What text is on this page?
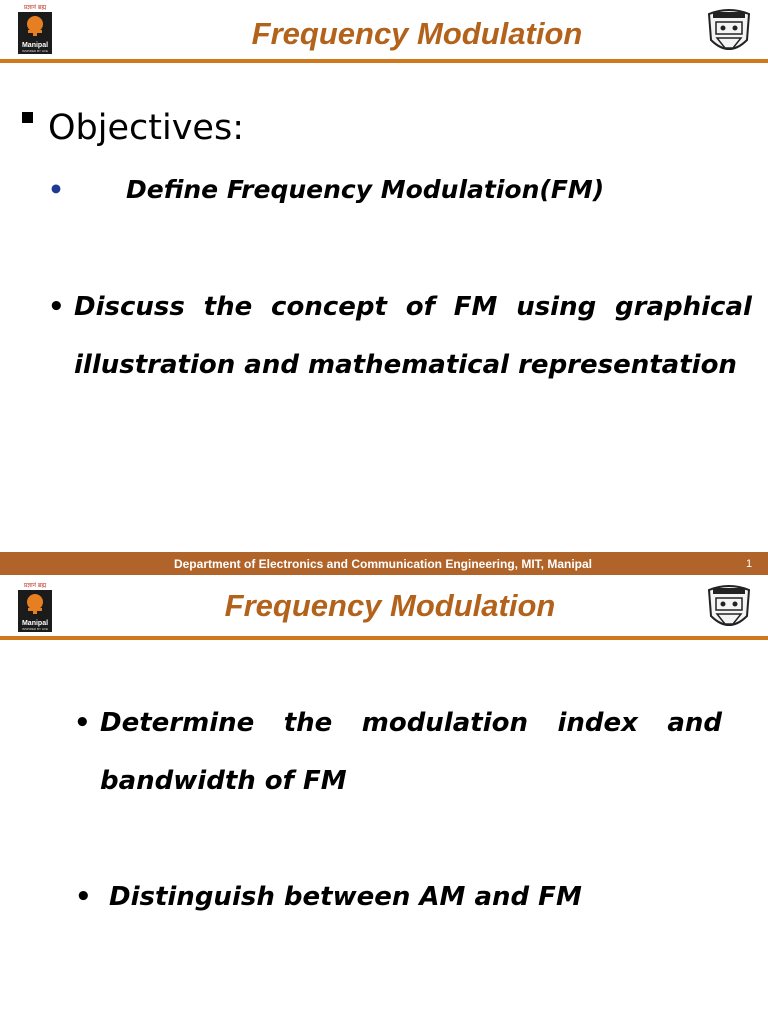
प्रज्ञानं ब्रह्म
Manipal
INSPIRED BY LIFE	Frequency Modulation
Objectives:
• Define Frequency Modulation(FM)
• Discuss the concept of FM using graphical
illustration and mathematical representation
Department of Electronics and Communication Engineering, MIT, Manipal	1
प्रज्ञानं ब्रह्म
Manipal
INSPIRED BY LIFE
Frequency Modulation
• Determine the modulation index and
bandwidth of FM
• Distinguish between AM and FM
